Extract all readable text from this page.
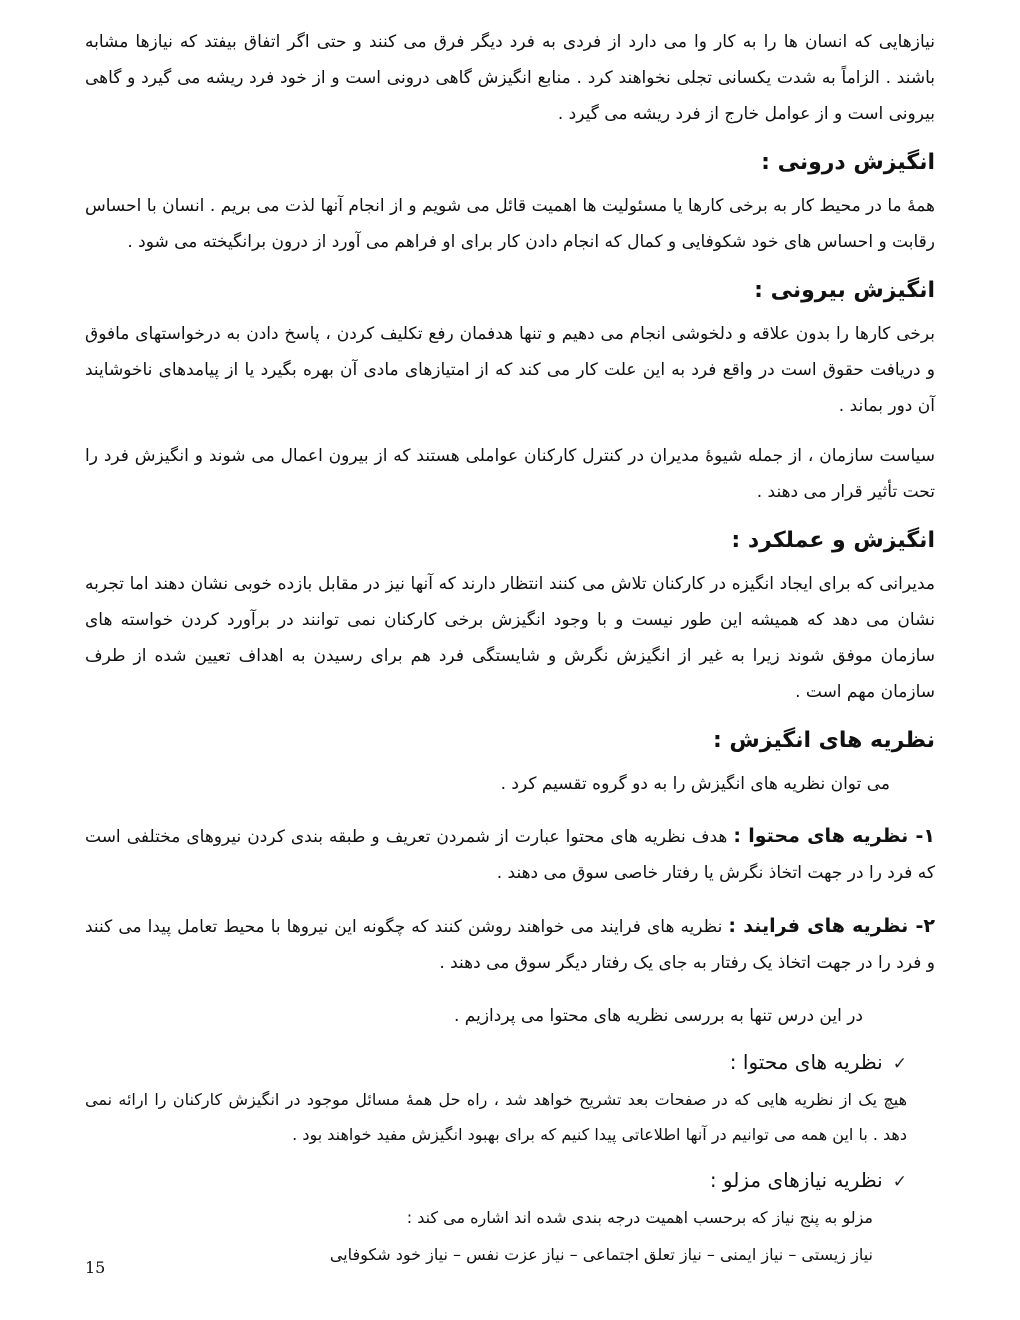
نیازهایی که انسان ها را به کار وا می دارد از فردی به فرد دیگر فرق می کنند و حتی اگر اتفاق بیفتد که نیازها مشابه باشند . الزاماً به شدت یکسانی تجلی نخواهند کرد . منابع انگیزش گاهی درونی است و از خود فرد ریشه می گیرد و گاهی بیرونی است و از عوامل خارج از فرد ریشه می گیرد .

انگیزش درونی :

همهٔ ما در محیط کار به برخی کارها یا مسئولیت ها اهمیت قائل می شویم و از انجام آنها لذت می بریم . انسان با احساس رقابت و احساس های خود شکوفایی و کمال که انجام دادن کار برای او فراهم می آورد از درون برانگیخته می شود .

انگیزش بیرونی :

برخی کارها را بدون علاقه و دلخوشی انجام می دهیم و تنها هدفمان رفع تکلیف کردن ، پاسخ دادن به درخواستهای مافوق و دریافت حقوق است در واقع فرد به این علت کار می کند که از امتیازهای مادی آن بهره بگیرد یا از پیامدهای ناخوشایند آن دور بماند .

سیاست سازمان ، از جمله شیوهٔ مدیران در کنترل کارکنان عواملی هستند که از بیرون اعمال می شوند و انگیزش فرد را تحت تأثیر قرار می دهند .

انگیزش و عملکرد :

مدیرانی که برای ایجاد انگیزه در کارکنان تلاش می کنند انتظار دارند که آنها نیز در مقابل بازده خوبی نشان دهند اما تجربه نشان می دهد که همیشه این طور نیست و با وجود انگیزش برخی کارکنان نمی توانند در برآورد کردن خواسته های سازمان موفق شوند زیرا به غیر از انگیزش نگرش و شایستگی فرد هم برای رسیدن به اهداف تعیین شده از طرف سازمان مهم است .

نظریه های انگیزش :

می توان نظریه های انگیزش را به دو گروه تقسیم کرد .

۱- نظریه های محتوا : هدف نظریه های محتوا عبارت از شمردن تعریف و طبقه بندی کردن نیروهای مختلفی است که فرد را در جهت اتخاذ نگرش یا رفتار خاصی سوق می دهند .

۲- نظریه های فرایند : نظریه های فرایند می خواهند روشن کنند که چگونه این نیروها با محیط تعامل پیدا می کنند و فرد را در جهت اتخاذ یک رفتار به جای یک رفتار دیگر سوق می دهند .

در این درس تنها به بررسی نظریه های محتوا می پردازیم .

✓
نظریه های محتوا :

هیچ یک از نظریه هایی که در صفحات بعد تشریح خواهد شد ، راه حل همهٔ مسائل موجود در انگیزش کارکنان را ارائه نمی دهد . با این همه می توانیم در آنها اطلاعاتی پیدا کنیم که برای بهبود انگیزش مفید خواهند بود .

✓
نظریه نیازهای مزلو :

مزلو به پنج نیاز که برحسب اهمیت درجه بندی شده اند اشاره می کند :

نیاز زیستی – نیاز ایمنی – نیاز تعلق اجتماعی – نیاز عزت نفس – نیاز خود شکوفایی

15
